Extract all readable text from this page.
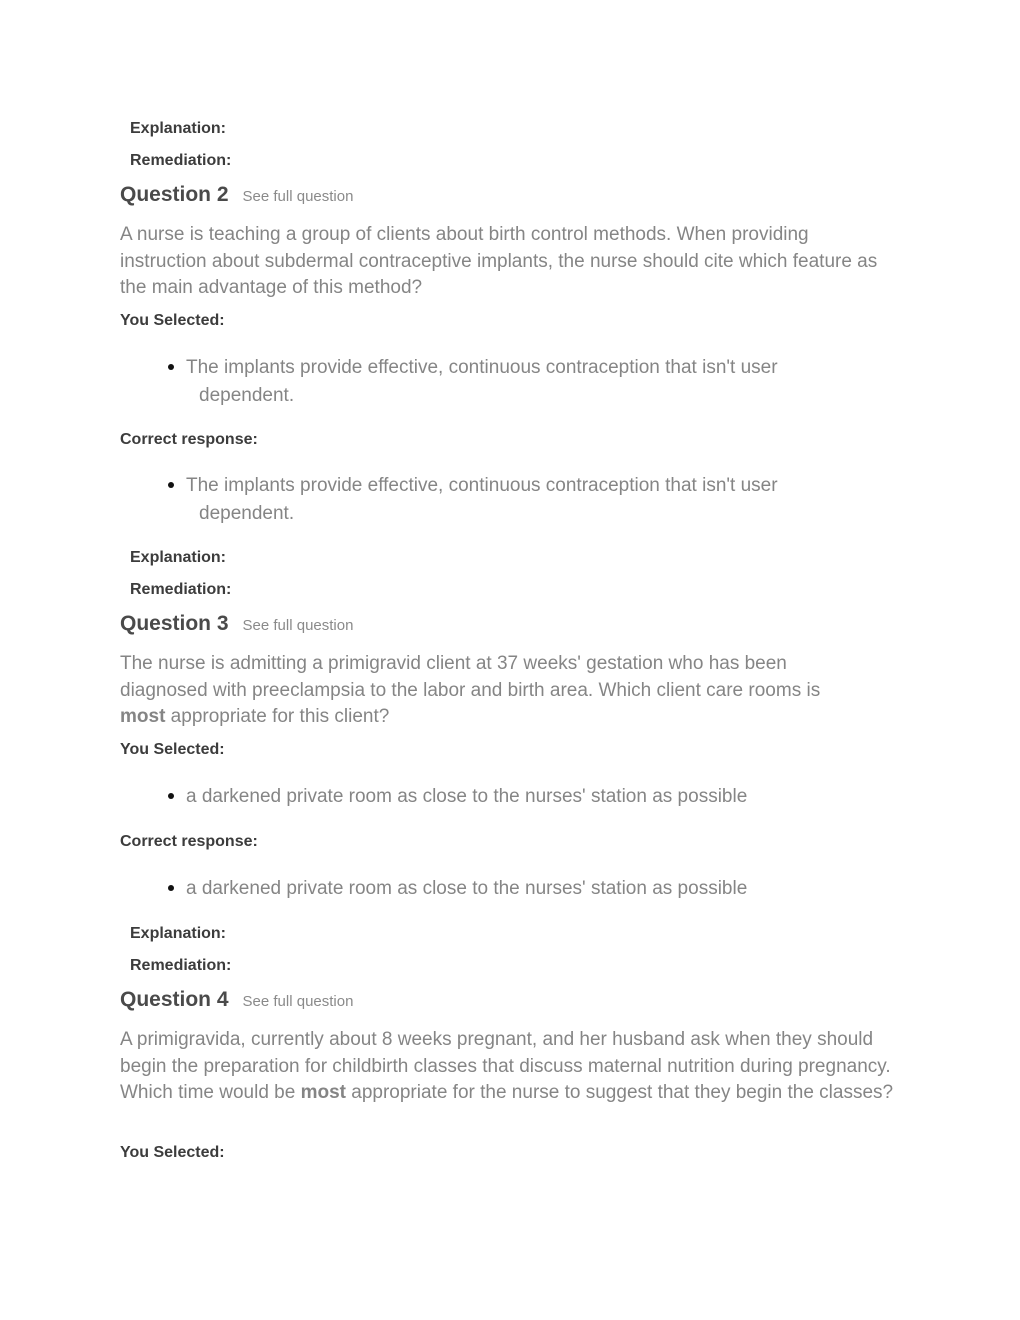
Explanation:
Remediation:
Question 2 See full question
A nurse is teaching a group of clients about birth control methods. When providing instruction about subdermal contraceptive implants, the nurse should cite which feature as the main advantage of this method?
You Selected:
The implants provide effective, continuous contraception that isn't user dependent.
Correct response:
The implants provide effective, continuous contraception that isn't user dependent.
Explanation:
Remediation:
Question 3 See full question
The nurse is admitting a primigravid client at 37 weeks' gestation who has been diagnosed with preeclampsia to the labor and birth area. Which client care rooms is most appropriate for this client?
You Selected:
a darkened private room as close to the nurses' station as possible
Correct response:
a darkened private room as close to the nurses' station as possible
Explanation:
Remediation:
Question 4 See full question
A primigravida, currently about 8 weeks pregnant, and her husband ask when they should begin the preparation for childbirth classes that discuss maternal nutrition during pregnancy. Which time would be most appropriate for the nurse to suggest that they begin the classes?
You Selected:
